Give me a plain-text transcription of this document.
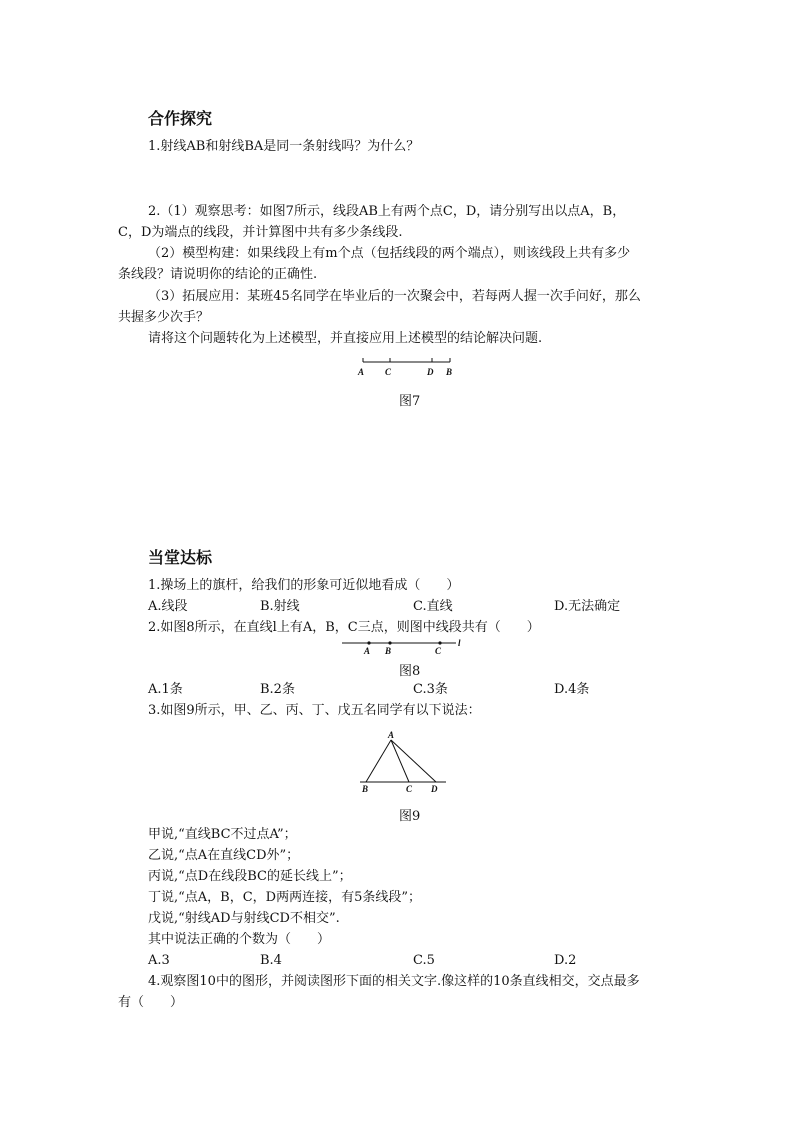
合作探究
1.射线AB和射线BA是同一条射线吗？为什么？
2.（1）观察思考：如图7所示，线段AB上有两个点C，D，请分别写出以点A，B，
C，D为端点的线段，并计算图中共有多少条线段.
（2）模型构建：如果线段上有m个点（包括线段的两个端点），则该线段上共有多少
条线段？请说明你的结论的正确性.
（3）拓展应用：某班45名同学在毕业后的一次聚会中，若每两人握一次手问好，那么
共握多少次手？
请将这个问题转化为上述模型，并直接应用上述模型的结论解决问题.
A C	D B
图7
当堂达标
1.操场上的旗杆，给我们的形象可近似地看成（　　）
A.线段	B.射线	C.直线	D.无法确定
2.如图8所示，在直线l上有A，B，C三点，则图中线段共有（　　）
A B	C
l
图8
A.1条	B.2条	C.3条	D.4条
3.如图9所示，甲、乙、丙、丁、戊五名同学有以下说法：
A
B	C D
图9
甲说,“直线BC不过点A”；
乙说,“点A在直线CD外”；
丙说,“点D在线段BC的延长线上”；
丁说,“点A，B，C，D两两连接，有5条线段”；
戊说,“射线AD与射线CD不相交”.
其中说法正确的个数为（　　）
A.3	B.4	C.5	D.2
4.观察图10中的图形，并阅读图形下面的相关文字.像这样的10条直线相交，交点最多
有（　　）
